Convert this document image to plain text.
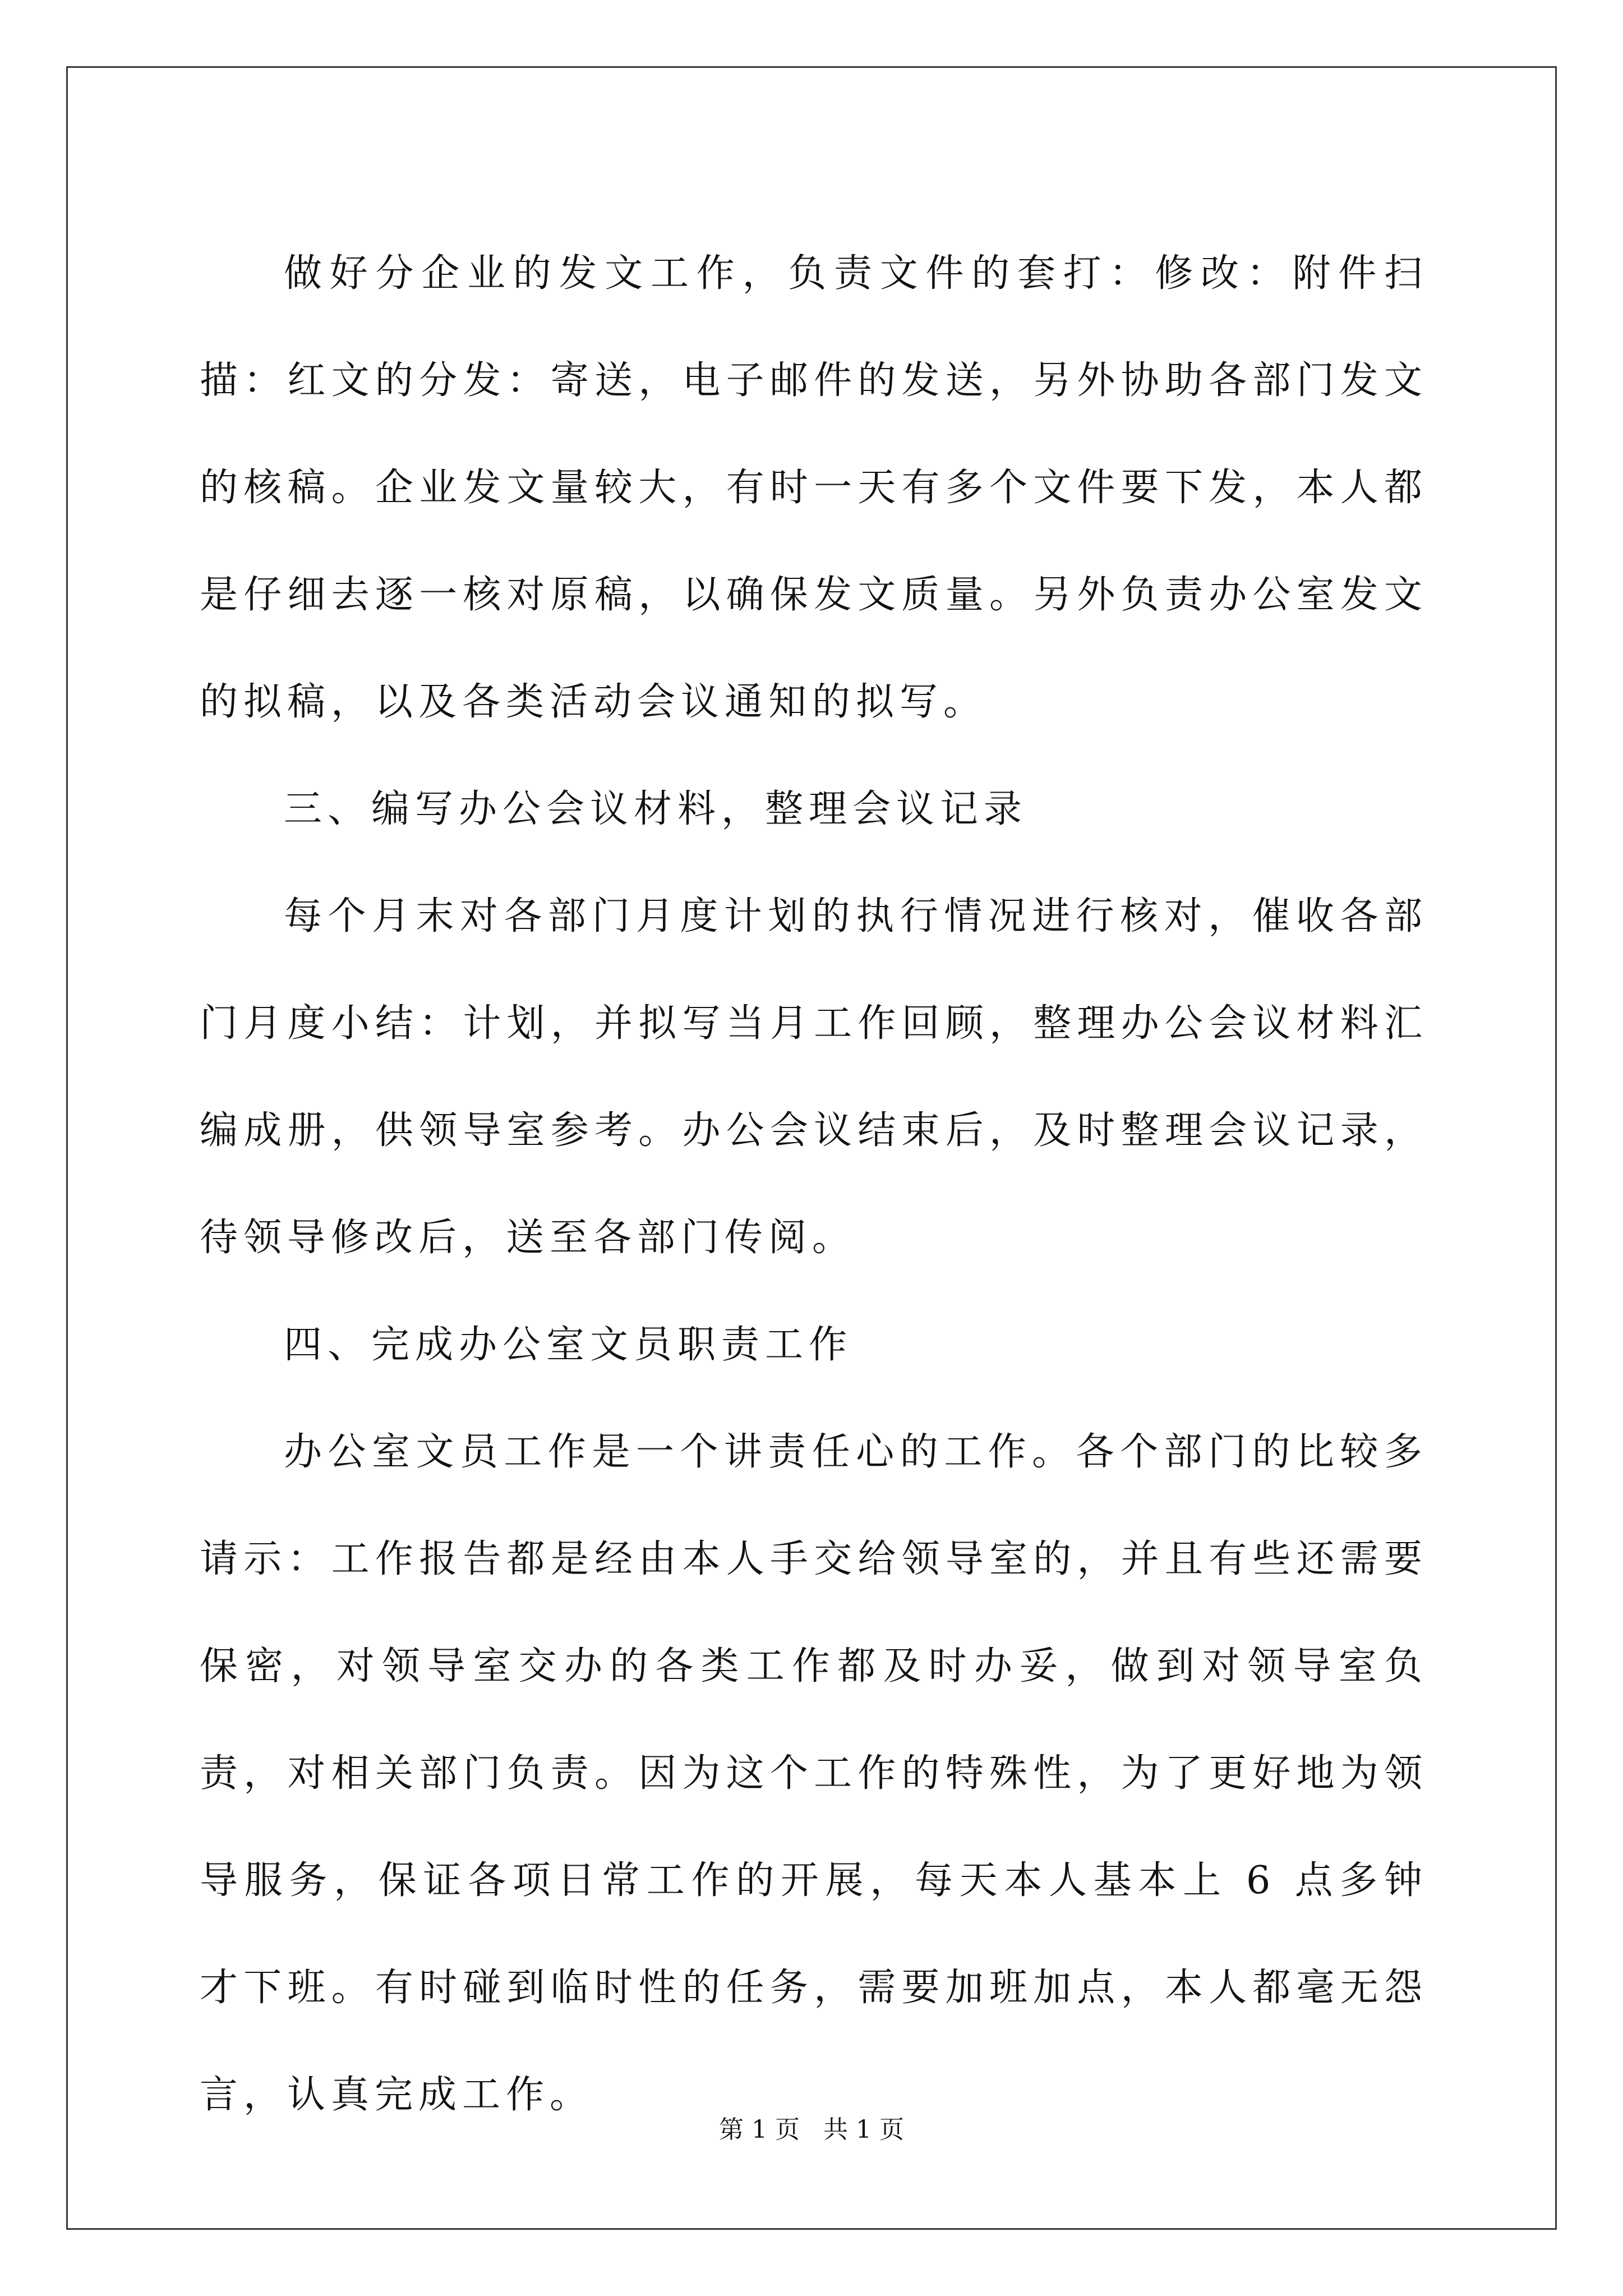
做好分企业的发文工作，负责文件的套打：修改：附件扫描：红文的分发：寄送，电子邮件的发送，另外协助各部门发文的核稿。企业发文量较大，有时一天有多个文件要下发，本人都是仔细去逐一核对原稿，以确保发文质量。另外负责办公室发文的拟稿，以及各类活动会议通知的拟写。

三、编写办公会议材料，整理会议记录

每个月末对各部门月度计划的执行情况进行核对，催收各部门月度小结：计划，并拟写当月工作回顾，整理办公会议材料汇编成册，供领导室参考。办公会议结束后，及时整理会议记录，待领导修改后，送至各部门传阅。

四、完成办公室文员职责工作

办公室文员工作是一个讲责任心的工作。各个部门的比较多请示：工作报告都是经由本人手交给领导室的，并且有些还需要保密，对领导室交办的各类工作都及时办妥，做到对领导室负责，对相关部门负责。因为这个工作的特殊性，为了更好地为领导服务，保证各项日常工作的开展，每天本人基本上 6 点多钟才下班。有时碰到临时性的任务，需要加班加点，本人都毫无怨言，认真完成工作。

第 1 页   共 1 页
